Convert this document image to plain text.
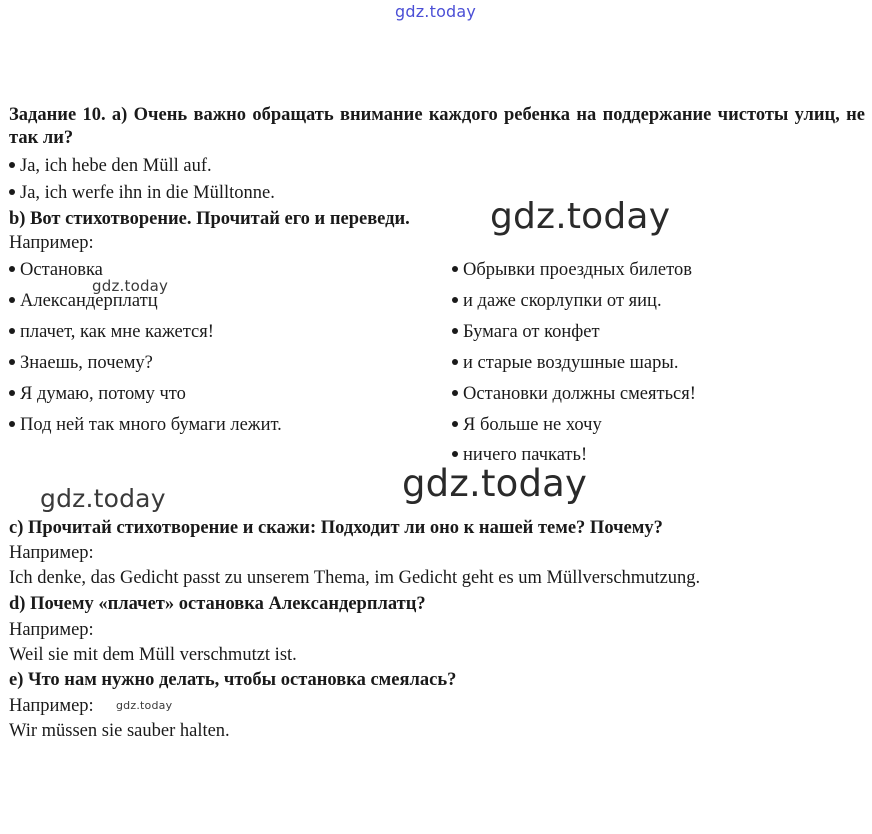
gdz.today
gdz.today
gdz.today
gdz.today
gdz.today
gdz.today
Задание 10. а) Очень важно обращать внимание каждого ребенка на поддержание чистоты улиц, не так ли?
Ja, ich hebe den Müll auf.
Ja, ich werfe ihn in die Mülltonne.
b) Вот стихотворение. Прочитай его и переведи.
Например:
Остановка
Александерплатц
плачет, как мне кажется!
Знаешь, почему?
Я думаю, потому что
Под ней так много бумаги лежит.
Обрывки проездных билетов
и даже скорлупки от яиц.
Бумага от конфет
и старые воздушные шары.
Остановки должны смеяться!
Я больше не хочу
ничего пачкать!
с) Прочитай стихотворение и скажи: Подходит ли оно к нашей теме? Почему?
Например:
Ich denke, das Gedicht passt zu unserem Thema, im Gedicht geht es um Müllverschmutzung.
d) Почему «плачет» остановка Александерплатц?
Например:
Weil sie mit dem Müll verschmutzt ist.
e) Что нам нужно делать, чтобы остановка смеялась?
Например:
Wir müssen sie sauber halten.
